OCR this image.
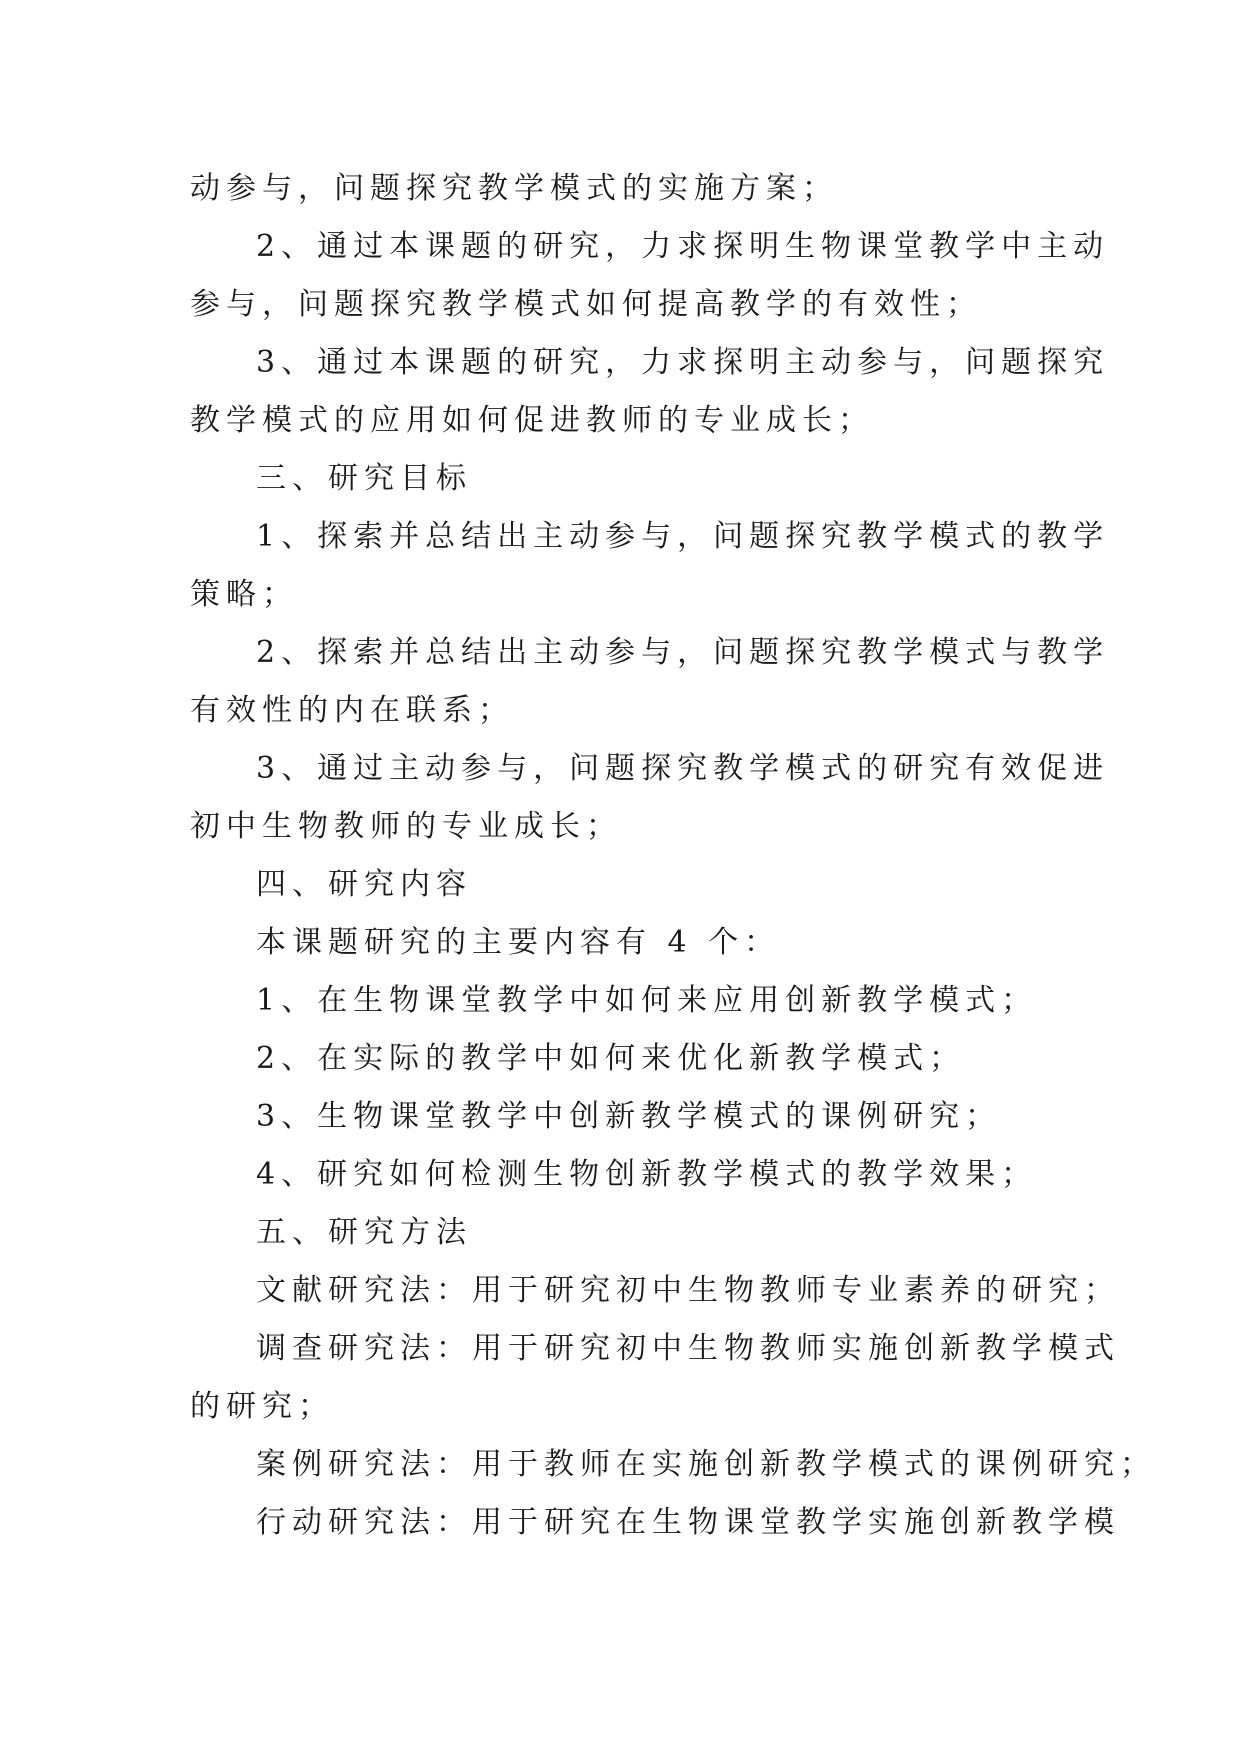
动参与，问题探究教学模式的实施方案；
2、通过本课题的研究，力求探明生物课堂教学中主动
参与，问题探究教学模式如何提高教学的有效性；
3、通过本课题的研究，力求探明主动参与，问题探究
教学模式的应用如何促进教师的专业成长；
三、研究目标
1、探索并总结出主动参与，问题探究教学模式的教学
策略；
2、探索并总结出主动参与，问题探究教学模式与教学
有效性的内在联系；
3、通过主动参与，问题探究教学模式的研究有效促进
初中生物教师的专业成长；
四、研究内容
本课题研究的主要内容有 4 个：
1、在生物课堂教学中如何来应用创新教学模式；
2、在实际的教学中如何来优化新教学模式；
3、生物课堂教学中创新教学模式的课例研究；
4、研究如何检测生物创新教学模式的教学效果；
五、研究方法
文献研究法：用于研究初中生物教师专业素养的研究；
调查研究法：用于研究初中生物教师实施创新教学模式
的研究；
案例研究法：用于教师在实施创新教学模式的课例研究；
行动研究法：用于研究在生物课堂教学实施创新教学模
